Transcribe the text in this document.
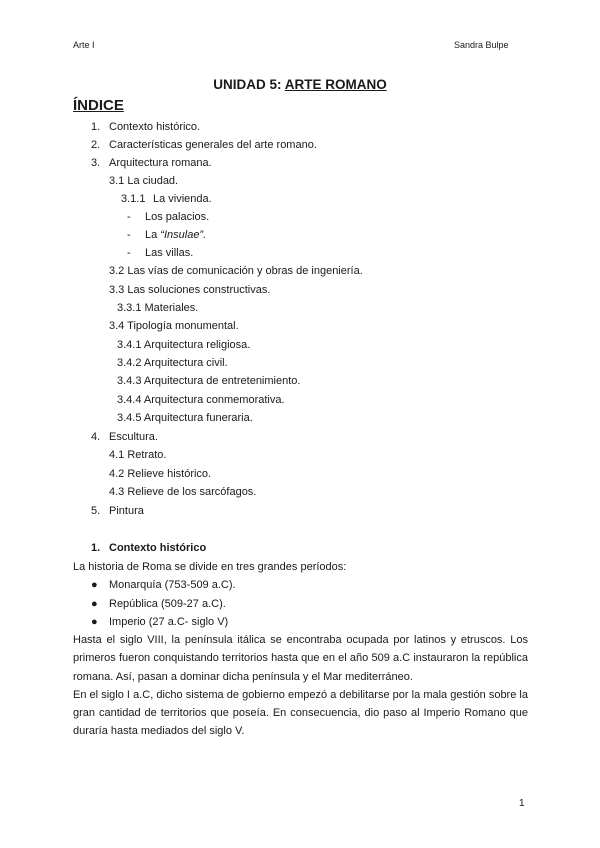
Arte I	Sandra Bulpe
UNIDAD 5: ARTE ROMANO
ÍNDICE
1. Contexto histórico.
2. Características generales del arte romano.
3. Arquitectura romana.
3.1 La ciudad.
3.1.1 La vivienda.
- Los palacios.
- La “Insulae”.
- Las villas.
3.2 Las vías de comunicación y obras de ingeniería.
3.3 Las soluciones constructivas.
3.3.1 Materiales.
3.4 Tipología monumental.
3.4.1 Arquitectura religiosa.
3.4.2 Arquitectura civil.
3.4.3 Arquitectura de entretenimiento.
3.4.4 Arquitectura conmemorativa.
3.4.5 Arquitectura funeraria.
4. Escultura.
4.1 Retrato.
4.2 Relieve histórico.
4.3 Relieve de los sarcófagos.
5. Pintura
1. Contexto histórico
La historia de Roma se divide en tres grandes períodos:
● Monarquía (753-509 a.C).
● República (509-27 a.C).
● Imperio (27 a.C- siglo V)

Hasta el siglo VIII, la península itálica se encontraba ocupada por latinos y etruscos. Los primeros fueron conquistando territorios hasta que en el año 509 a.C instauraron la república romana. Así, pasan a dominar dicha península y el Mar mediterráneo.

En el siglo I a.C, dicho sistema de gobierno empezó a debilitarse por la mala gestión sobre la gran cantidad de territorios que poseía. En consecuencia, dio paso al Imperio Romano que duraría hasta mediados del siglo V.

1
